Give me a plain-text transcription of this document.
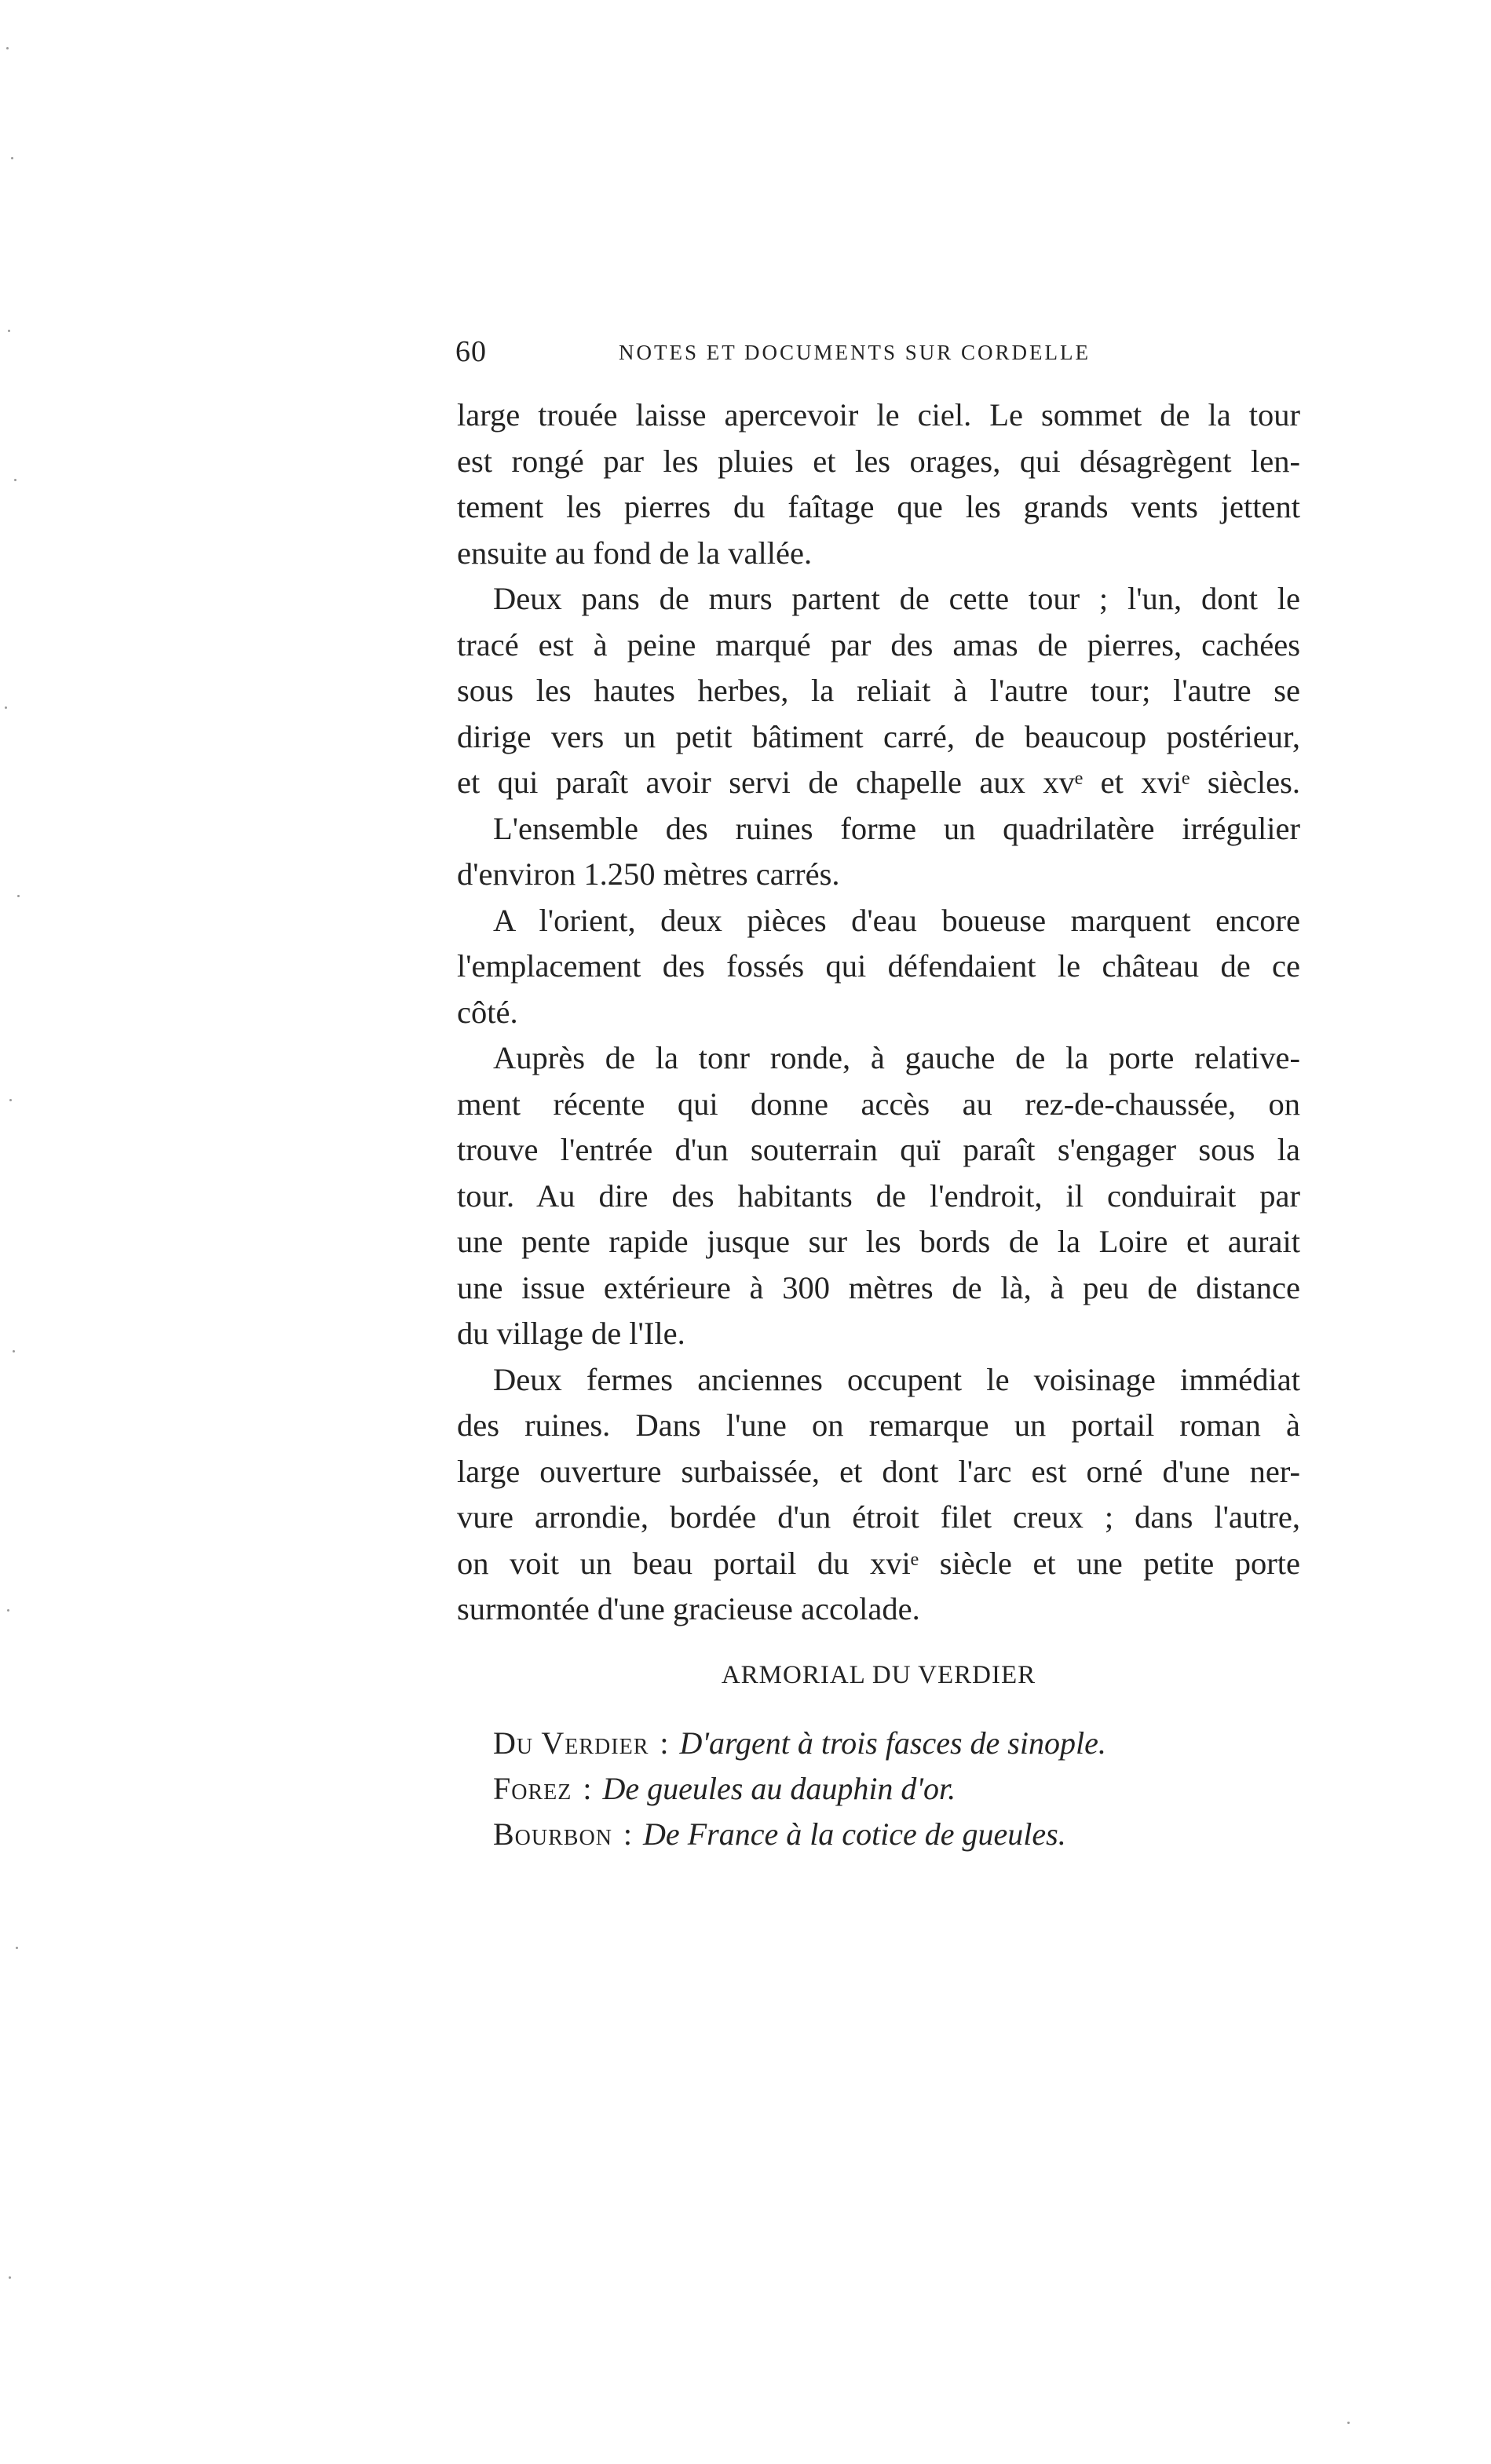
60	NOTES ET DOCUMENTS SUR CORDELLE

large trouée laisse apercevoir le ciel. Le sommet de la tour
est rongé par les pluies et les orages, qui désagrègent len-
tement les pierres du faîtage que les grands vents jettent
ensuite au fond de la vallée.

Deux pans de murs partent de cette tour ; l'un, dont le
tracé est à peine marqué par des amas de pierres, cachées
sous les hautes herbes, la reliait à l'autre tour; l'autre se
dirige vers un petit bâtiment carré, de beaucoup postérieur,
et qui paraît avoir servi de chapelle aux xvᵉ et xviᵉ siècles.

L'ensemble des ruines forme un quadrilatère irrégulier
d'environ 1.250 mètres carrés.

A l'orient, deux pièces d'eau boueuse marquent encore
l'emplacement des fossés qui défendaient le château de ce
côté.

Auprès de la tonr ronde, à gauche de la porte relative-
ment récente qui donne accès au rez-de-chaussée, on
trouve l'entrée d'un souterrain quï paraît s'engager sous la
tour. Au dire des habitants de l'endroit, il conduirait par
une pente rapide jusque sur les bords de la Loire et aurait
une issue extérieure à 300 mètres de là, à peu de distance
du village de l'Ile.

Deux fermes anciennes occupent le voisinage immédiat
des ruines. Dans l'une on remarque un portail roman à
large ouverture surbaissée, et dont l'arc est orné d'une ner-
vure arrondie, bordée d'un étroit filet creux ; dans l'autre,
on voit un beau portail du xviᵉ siècle et une petite porte
surmontée d'une gracieuse accolade.

ARMORIAL DU VERDIER
Du Verdier : D'argent à trois fasces de sinople.
Forez : De gueules au dauphin d'or.
Bourbon : De France à la cotice de gueules.
